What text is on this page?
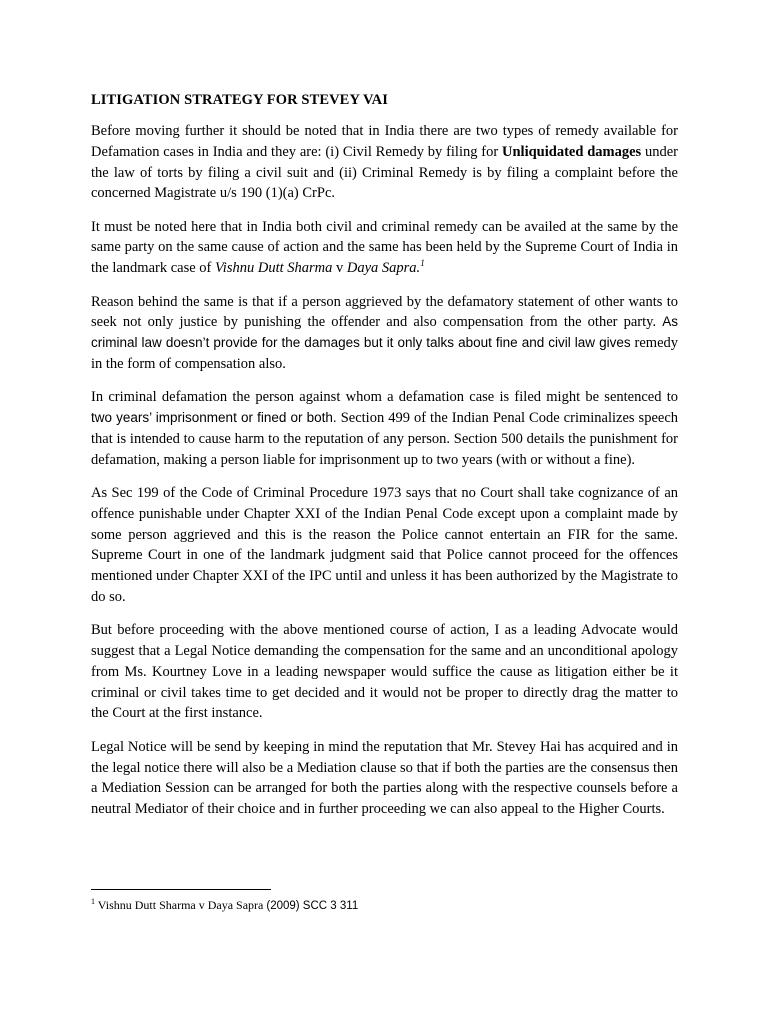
LITIGATION STRATEGY FOR STEVEY VAI

Before moving further it should be noted that in India there are two types of remedy available for Defamation cases in India and they are: (i) Civil Remedy by filing for Unliquidated damages under the law of torts by filing a civil suit and (ii) Criminal Remedy is by filing a complaint before the concerned Magistrate u/s 190 (1)(a) CrPc.

It must be noted here that in India both civil and criminal remedy can be availed at the same by the same party on the same cause of action and the same has been held by the Supreme Court of India in the landmark case of Vishnu Dutt Sharma v Daya Sapra.$^1$

Reason behind the same is that if a person aggrieved by the defamatory statement of other wants to seek not only justice by punishing the offender and also compensation from the other party. As criminal law doesn’t provide for the damages but it only talks about fine and civil law gives remedy in the form of compensation also.

In criminal defamation the person against whom a defamation case is filed might be sentenced to two years’ imprisonment or fined or both. Section 499 of the Indian Penal Code criminalizes speech that is intended to cause harm to the reputation of any person. Section 500 details the punishment for defamation, making a person liable for imprisonment up to two years (with or without a fine).

As Sec 199 of the Code of Criminal Procedure 1973 says that no Court shall take cognizance of an offence punishable under Chapter XXI of the Indian Penal Code except upon a complaint made by some person aggrieved and this is the reason the Police cannot entertain an FIR for the same. Supreme Court in one of the landmark judgment said that Police cannot proceed for the offences mentioned under Chapter XXI of the IPC until and unless it has been authorized by the Magistrate to do so.

But before proceeding with the above mentioned course of action, I as a leading Advocate would suggest that a Legal Notice demanding the compensation for the same and an unconditional apology from Ms. Kourtney Love in a leading newspaper would suffice the cause as litigation either be it criminal or civil takes time to get decided and it would not be proper to directly drag the matter to the Court at the first instance.

Legal Notice will be send by keeping in mind the reputation that Mr. Stevey Hai has acquired and in the legal notice there will also be a Mediation clause so that if both the parties are the consensus then a Mediation Session can be arranged for both the parties along with the respective counsels before a neutral Mediator of their choice and in further proceeding we can also appeal to the Higher Courts.

$^1$ Vishnu Dutt Sharma v Daya Sapra (2009) SCC 3 311
